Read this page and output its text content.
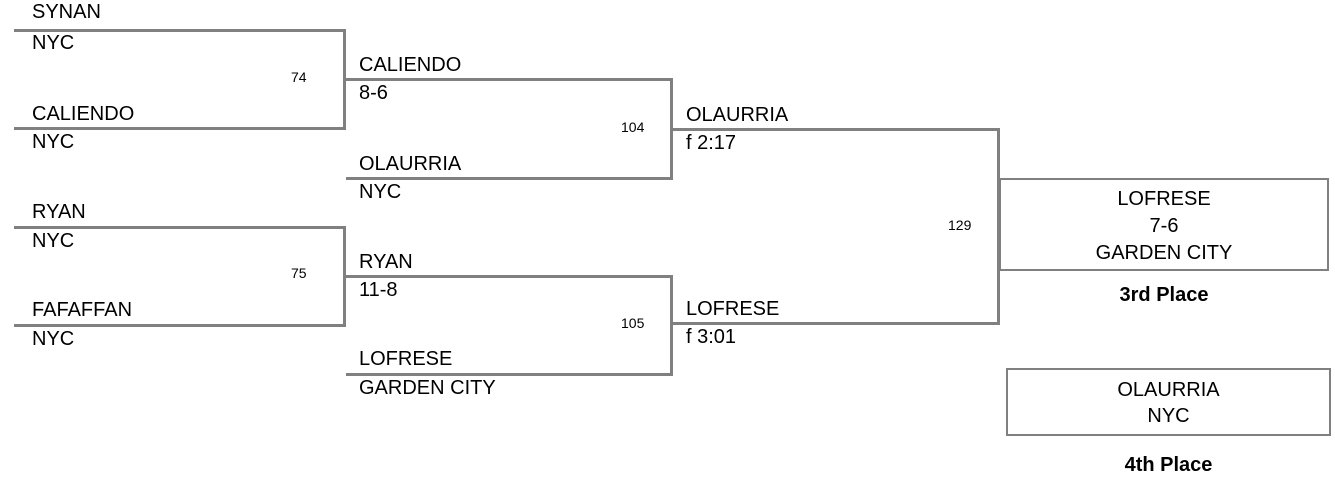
SYNAN
NYC
74
CALIENDO
NYC
RYAN
NYC
75
FAFAFFAN
NYC
CALIENDO
8-6
104
OLAURRIA
NYC
RYAN
11-8
105
LOFRESE
GARDEN CITY
OLAURRIA
f 2:17
129
LOFRESE
f 3:01
LOFRESE
7-6
GARDEN CITY
3rd Place
OLAURRIA
NYC
4th Place
